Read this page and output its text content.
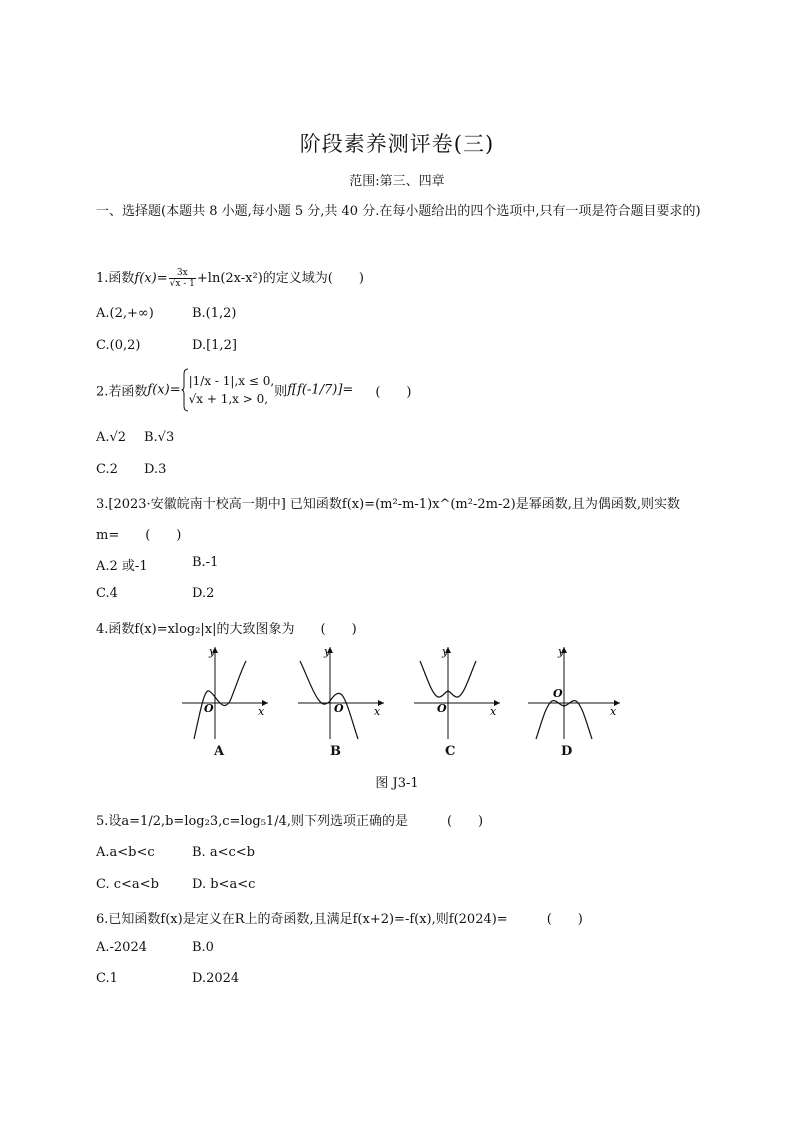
阶段素养测评卷(三)
范围:第三、四章
一、选择题(本题共 8 小题,每小题 5 分,共 40 分.在每小题给出的四个选项中,只有一项是符合题目要求的)
1.函数$f(x)= \frac{3x}{√x - 1} +\ln(2x-x^2)$的定义域为(　　)
A.(2,+∞)	B.(1,2)
C.(0,2)	D.[1,2]
2.若函数f(x)=
|1/x - 1|,x ≤ 0,
√x + 1,x > 0, 则f[f(-1/7)]= (　　)
A.√2 B.√3
C.2 D.3
3.[2023·安徽皖南十校高一期中] 已知函数f(x)=(m²-m-1)x^(m²-2m-2)是幂函数,且为偶函数,则实数
m=　　(　　)
A.2 或-1	B.-1
C.4	D.2
4.函数f(x)=xlog₂|x|的大致图象为　　(　　)
y
x
O
A
y
x
O
B
y
x
O
C
y
x
O
D
图 J3-1
5.设a=1/2,b=log₂3,c=log₅1/4,则下列选项正确的是　　　(　　)
A.a<b<c	B. a<c<b
C. c<a<b	D. b<a<c
6.已知函数f(x)是定义在R上的奇函数,且满足f(x+2)=-f(x),则f(2024)=　　　(　　)
A.-2024	B.0
C.1	D.2024
